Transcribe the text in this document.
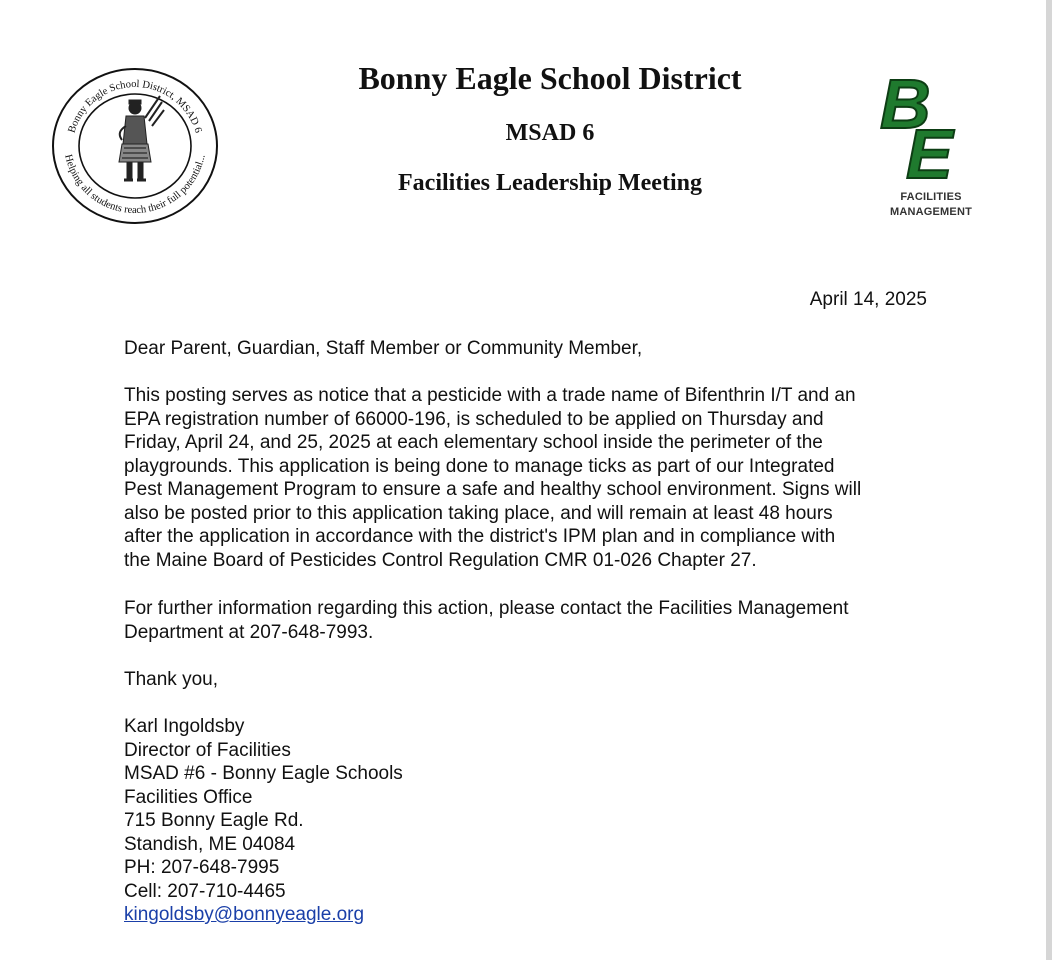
Bonny Eagle School District, MSAD 6
Helping all students reach their full potential...
Bonny Eagle School District
MSAD 6
Facilities Leadership Meeting
B
E
FACILITIES
MANAGEMENT
April 14, 2025
Dear Parent, Guardian, Staff Member or Community Member,
This posting serves as notice that a pesticide with a trade name of Bifenthrin I/T and an
EPA registration number of 66000-196, is scheduled to be applied on Thursday and
Friday, April 24, and 25, 2025 at each elementary school inside the perimeter of the
playgrounds. This application is being done to manage ticks as part of our Integrated
Pest Management Program to ensure a safe and healthy school environment. Signs will
also be posted prior to this application taking place, and will remain at least 48 hours
after the application in accordance with the district's IPM plan and in compliance with
the Maine Board of Pesticides Control Regulation CMR 01-026 Chapter 27.
For further information regarding this action, please contact the Facilities Management
Department at 207-648-7993.
Thank you,
Karl Ingoldsby
Director of Facilities
MSAD #6 - Bonny Eagle Schools
Facilities Office
715 Bonny Eagle Rd.
Standish, ME 04084
PH: 207-648-7995
Cell: 207-710-4465
kingoldsby@bonnyeagle.org
